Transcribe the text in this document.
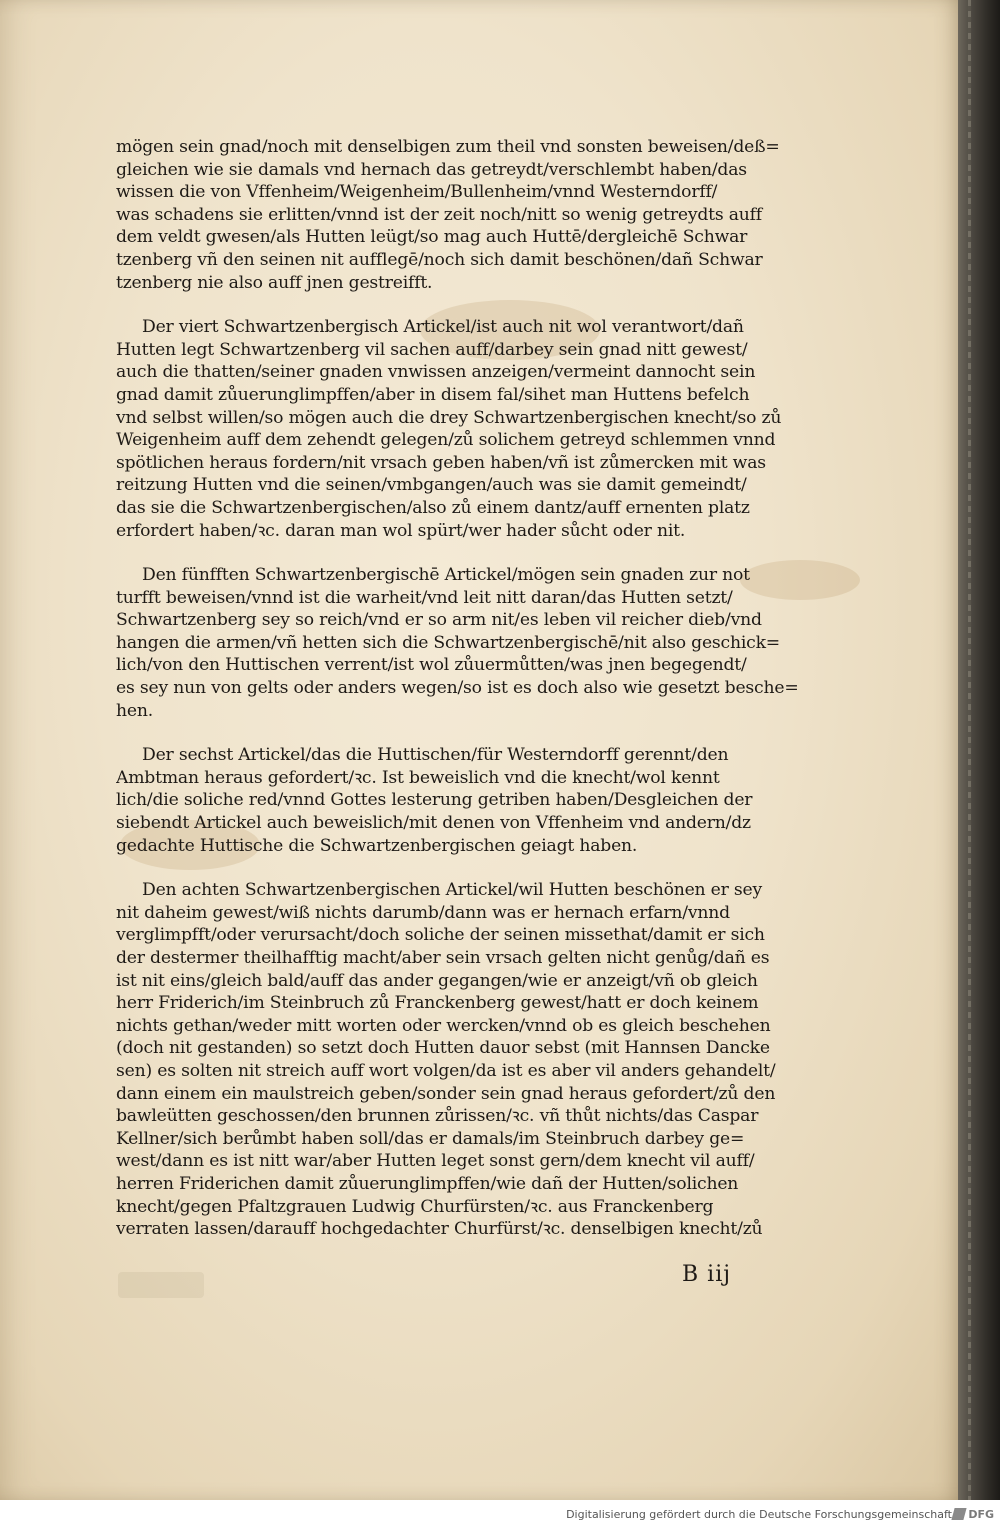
mögen sein gnad/noch mit denselbigen zum theil vnd sonsten beweisen/deß=
gleichen wie sie damals vnd hernach das getreydt/verschlembt haben/das
wissen die von Vffenheim/Weigenheim/Bullenheim/vnnd Westerndorff/
was schadens sie erlitten/vnnd ist der zeit noch/nitt so wenig getreydts auff
dem veldt gwesen/als Hutten leügt/so mag auch Huttē/dergleichē Schwar
tzenberg vñ den seinen nit aufflegē/noch sich damit beschönen/dañ Schwar
tzenberg nie also auff jnen gestreifft.
Der viert Schwartzenbergisch Artickel/ist auch nit wol verantwort/dañ
Hutten legt Schwartzenberg vil sachen auff/darbey sein gnad nitt gewest/
auch die thatten/seiner gnaden vnwissen anzeigen/vermeint dannocht sein
gnad damit zůuerunglimpffen/aber in disem fal/sihet man Huttens befelch
vnd selbst willen/so mögen auch die drey Schwartzenbergischen knecht/so zů
Weigenheim auff dem zehendt gelegen/zů solichem getreyd schlemmen vnnd
spötlichen heraus fordern/nit vrsach geben haben/vñ ist zůmercken mit was
reitzung Hutten vnd die seinen/vmbgangen/auch was sie damit gemeindt/
das sie die Schwartzenbergischen/also zů einem dantz/auff ernenten platz
erfordert haben/ꝛc. daran man wol spürt/wer hader sůcht oder nit.
Den fünfften Schwartzenbergischē Artickel/mögen sein gnaden zur not
turfft beweisen/vnnd ist die warheit/vnd leit nitt daran/das Hutten setzt/
Schwartzenberg sey so reich/vnd er so arm nit/es leben vil reicher dieb/vnd
hangen die armen/vñ hetten sich die Schwartzenbergischē/nit also geschick=
lich/von den Huttischen verrent/ist wol zůuermůtten/was jnen begegendt/
es sey nun von gelts oder anders wegen/so ist es doch also wie gesetzt besche=
hen.
Der sechst Artickel/das die Huttischen/für Westerndorff gerennt/den
Ambtman heraus gefordert/ꝛc. Ist beweislich vnd die knecht/wol kennt
lich/die soliche red/vnnd Gottes lesterung getriben haben/Desgleichen der
siebendt Artickel auch beweislich/mit denen von Vffenheim vnd andern/dz
gedachte Huttische die Schwartzenbergischen geiagt haben.
Den achten Schwartzenbergischen Artickel/wil Hutten beschönen er sey
nit daheim gewest/wiß nichts darumb/dann was er hernach erfarn/vnnd
verglimpfft/oder verursacht/doch soliche der seinen missethat/damit er sich
der destermer theilhafftig macht/aber sein vrsach gelten nicht genůg/dañ es
ist nit eins/gleich bald/auff das ander gegangen/wie er anzeigt/vñ ob gleich
herr Friderich/im Steinbruch zů Franckenberg gewest/hatt er doch keinem
nichts gethan/weder mitt worten oder wercken/vnnd ob es gleich beschehen
(doch nit gestanden) so setzt doch Hutten dauor sebst (mit Hannsen Dancke
sen) es solten nit streich auff wort volgen/da ist es aber vil anders gehandelt/
dann einem ein maulstreich geben/sonder sein gnad heraus gefordert/zů den
bawleütten geschossen/den brunnen zůrissen/ꝛc. vñ thůt nichts/das Caspar
Kellner/sich berůmbt haben soll/das er damals/im Steinbruch darbey ge=
west/dann es ist nitt war/aber Hutten leget sonst gern/dem knecht vil auff/
herren Friderichen damit zůuerunglimpffen/wie dañ der Hutten/solichen
knecht/gegen Pfaltzgrauen Ludwig Churfürsten/ꝛc. aus Franckenberg
verraten lassen/darauff hochgedachter Churfürst/ꝛc. denselbigen knecht/zů
B iij
Digitalisierung gefördert durch die Deutsche Forschungsgemeinschaft DFG
